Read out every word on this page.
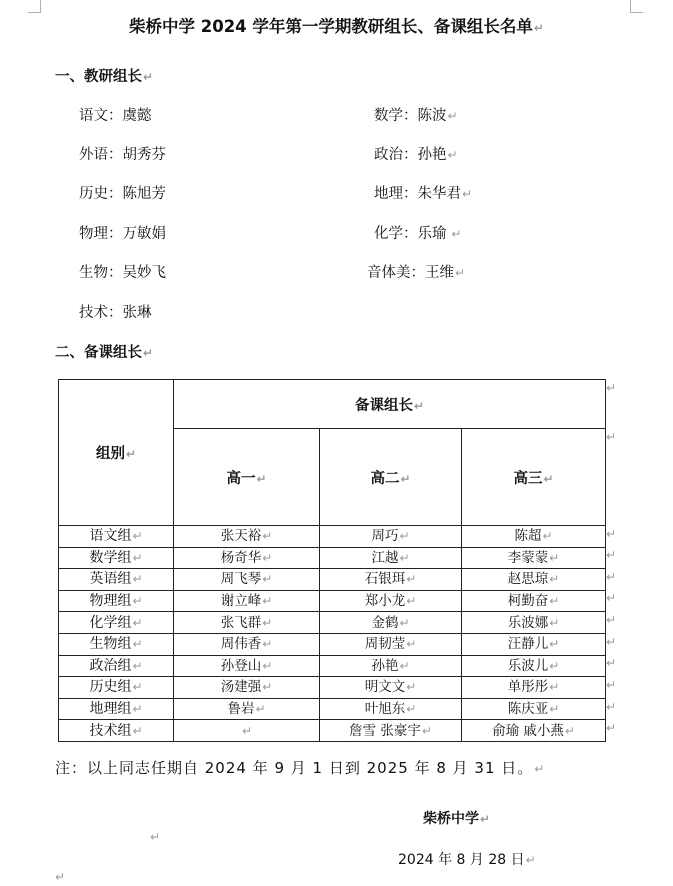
柴桥中学 2024 学年第一学期教研组长、备课组长名单↵
一、教研组长↵
语文：虞懿	数学：陈波↵
外语：胡秀芬	政治：孙艳↵
历史：陈旭芳	地理：朱华君↵
物理：万敏娟	化学：乐瑜 ↵
生物：吴妙飞	音体美：王维↵
技术：张琳
二、备课组长↵
组别↵	备课组长↵		
	高一↵	高二↵	高三↵
语文组↵	张天裕↵	周巧↵	陈超↵
数学组↵	杨奇华↵	江越↵	李蒙蒙↵
英语组↵	周飞琴↵	石银珥↵	赵思琼↵
物理组↵	谢立峰↵	郑小龙↵	柯勤奋↵
化学组↵	张飞群↵	金鹤↵	乐波娜↵
生物组↵	周伟香↵	周韧莹↵	汪静儿↵
政治组↵	孙登山↵	孙艳↵	乐波儿↵
历史组↵	汤建强↵	明文文↵	单彤彤↵
地理组↵	鲁岩↵	叶旭东↵	陈庆亚↵
技术组↵	↵	詹雪 张豪宇↵	俞瑜 戚小燕↵
↵
↵
↵
↵
↵
↵
↵
↵
↵
↵
↵
↵
注：以上同志任期自 2024 年 9 月 1 日到 2025 年 8 月 31 日。↵
柴桥中学↵
↵
2024 年 8 月 28 日↵
↵
